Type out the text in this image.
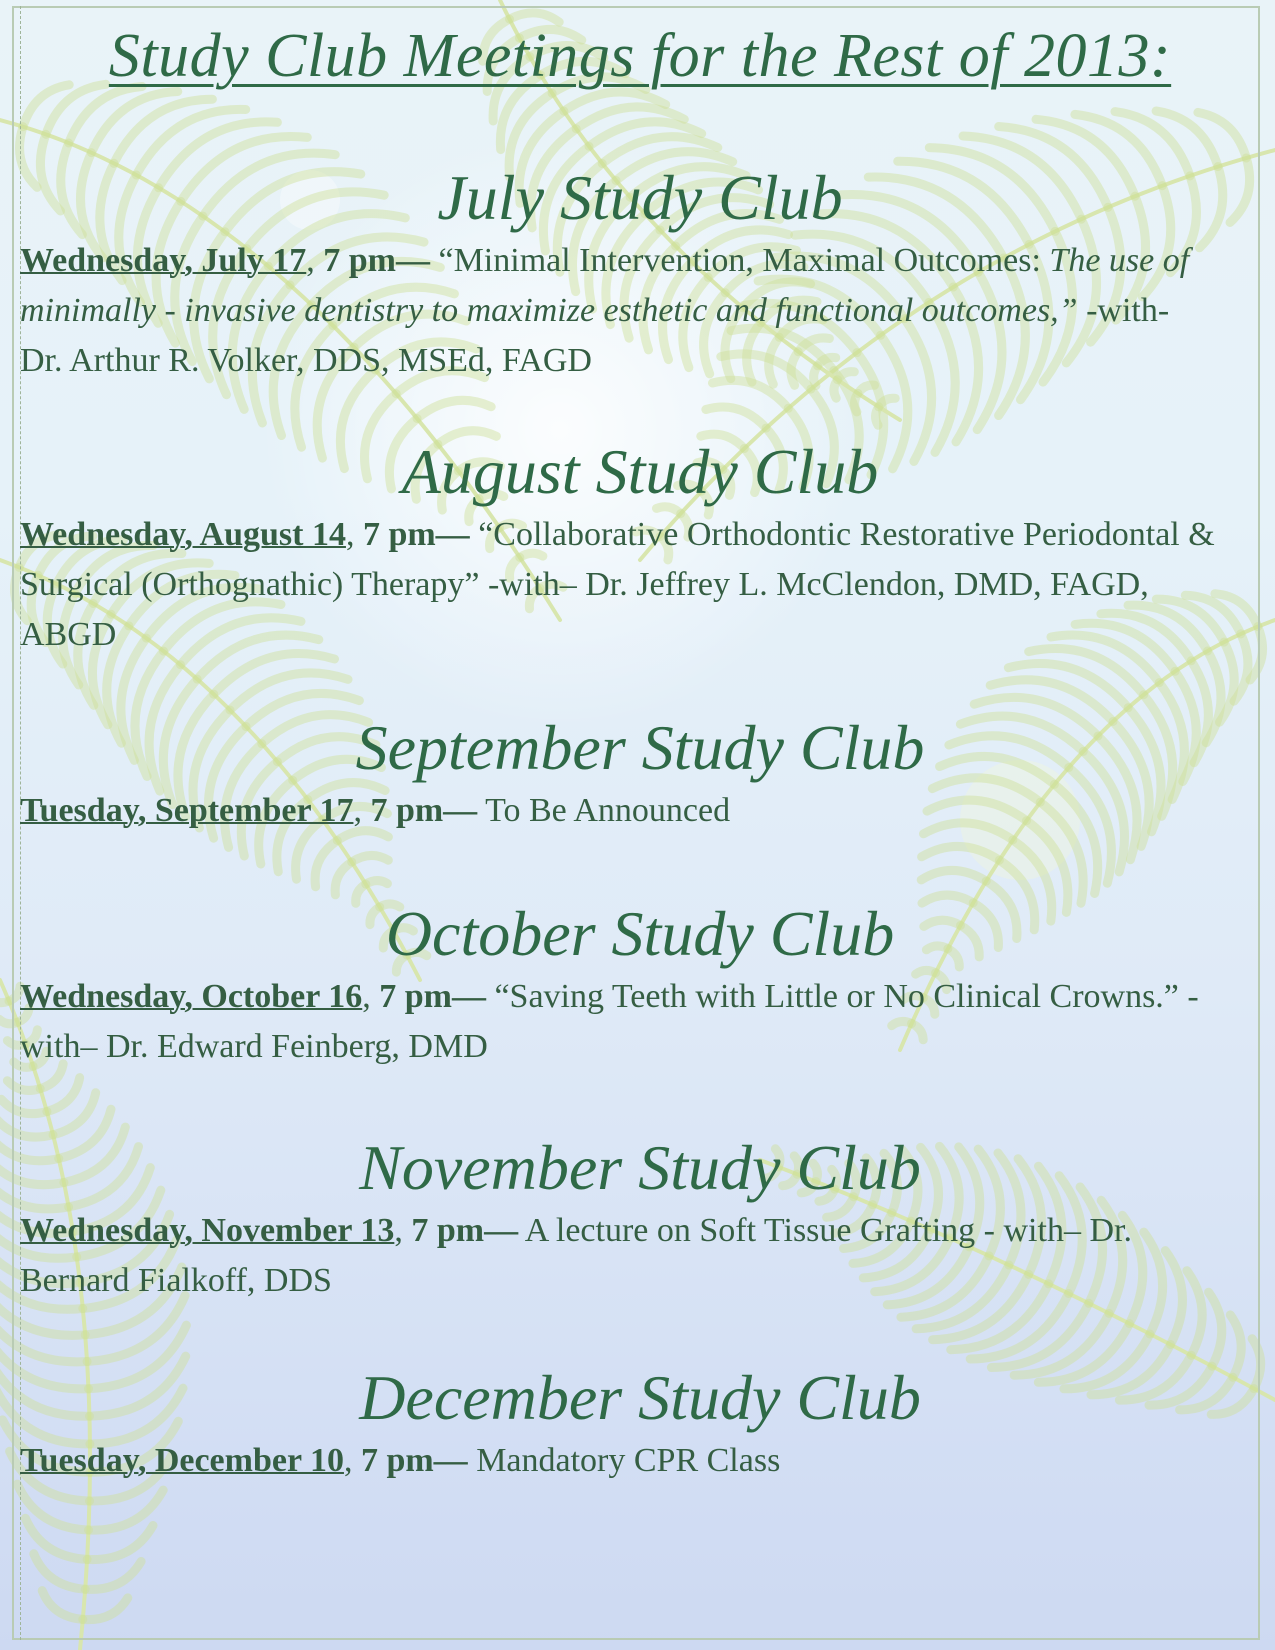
Study Club Meetings for the Rest of 2013:
July Study Club

Wednesday, July 17, 7 pm— “Minimal Intervention, Maximal Outcomes: The use of minimally - invasive dentistry to maximize esthetic and functional outcomes,” -with- Dr. Arthur R. Volker, DDS, MSEd, FAGD

August Study Club

Wednesday, August 14, 7 pm— “Collaborative Orthodontic Restorative Periodontal & Surgical (Orthognathic) Therapy” -with– Dr. Jeffrey L. McClendon, DMD, FAGD, ABGD

September Study Club

Tuesday, September 17, 7 pm— To Be Announced

October Study Club

Wednesday, October 16, 7 pm— “Saving Teeth with Little or No Clinical Crowns.” - with– Dr. Edward Feinberg, DMD

November Study Club

Wednesday, November 13, 7 pm— A lecture on Soft Tissue Grafting - with– Dr. Bernard Fialkoff, DDS

December Study Club

Tuesday, December 10, 7 pm— Mandatory CPR Class
